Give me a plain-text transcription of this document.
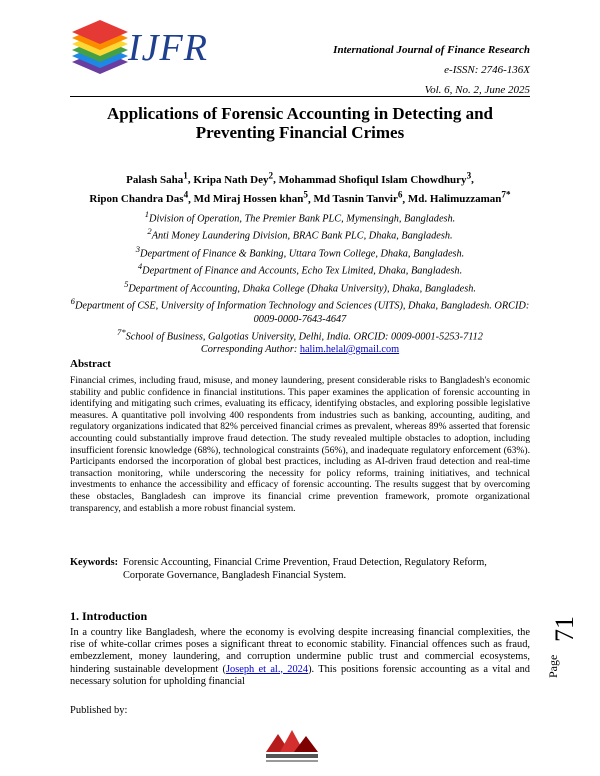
IJFR	International Journal of Finance Research
e-ISSN: 2746-136X
Vol. 6, No. 2, June 2025
Applications of Forensic Accounting in Detecting and Preventing Financial Crimes
Palash Saha$^1$, Kripa Nath Dey$^2$, Mohammad Shofiqul Islam Chowdhury$^3$,
Ripon Chandra Das$^4$, Md Miraj Hossen khan$^5$, Md Tasnin Tanvir$^6$, Md. Halimuzzaman$^{7*}$
$^1$Division of Operation, The Premier Bank PLC, Mymensingh, Bangladesh.
$^2$Anti Money Laundering Division, BRAC Bank PLC, Dhaka, Bangladesh.
$^3$Department of Finance & Banking, Uttara Town College, Dhaka, Bangladesh.
$^4$Department of Finance and Accounts, Echo Tex Limited, Dhaka, Bangladesh.
$^5$Department of Accounting, Dhaka College (Dhaka University), Dhaka, Bangladesh.
$^6$Department of CSE, University of Information Technology and Sciences (UITS), Dhaka, Bangladesh. ORCID: 0009-0000-7643-4647
$^{7*}$School of Business, Galgotias University, Delhi, India. ORCID: 0009-0001-5253-7112
Corresponding Author: halim.helal@gmail.com
Abstract
Financial crimes, including fraud, misuse, and money laundering, present considerable risks to Bangladesh's economic stability and public confidence in financial institutions. This paper examines the application of forensic accounting in identifying and mitigating such crimes, evaluating its efficacy, identifying obstacles, and exploring possible legislative measures. A quantitative poll involving 400 respondents from industries such as banking, accounting, auditing, and regulatory organizations indicated that 82% perceived financial crimes as prevalent, whereas 89% asserted that forensic accounting could substantially improve fraud detection. The study revealed multiple obstacles to adoption, including insufficient forensic knowledge (68%), technological constraints (56%), and inadequate regulatory enforcement (63%). Participants endorsed the incorporation of global best practices, including as AI-driven fraud detection and real-time transaction monitoring, while underscoring the necessity for policy reforms, training initiatives, and technical investments to enhance the accessibility and efficacy of forensic accounting. The results suggest that by overcoming these obstacles, Bangladesh can improve its financial crime prevention framework, promote organizational transparency, and establish a more robust financial system.
Keywords: Forensic Accounting, Financial Crime Prevention, Fraud Detection, Regulatory Reform, Corporate Governance, Bangladesh Financial System.
1. Introduction
In a country like Bangladesh, where the economy is evolving despite increasing financial complexities, the rise of white-collar crimes poses a significant threat to economic stability. Financial offences such as fraud, embezzlement, money laundering, and corruption undermine public trust and commercial ecosystems, hindering sustainable development (Joseph et al., 2024). This positions forensic accounting as a vital and necessary solution for upholding financial
Published by:
Page
71
